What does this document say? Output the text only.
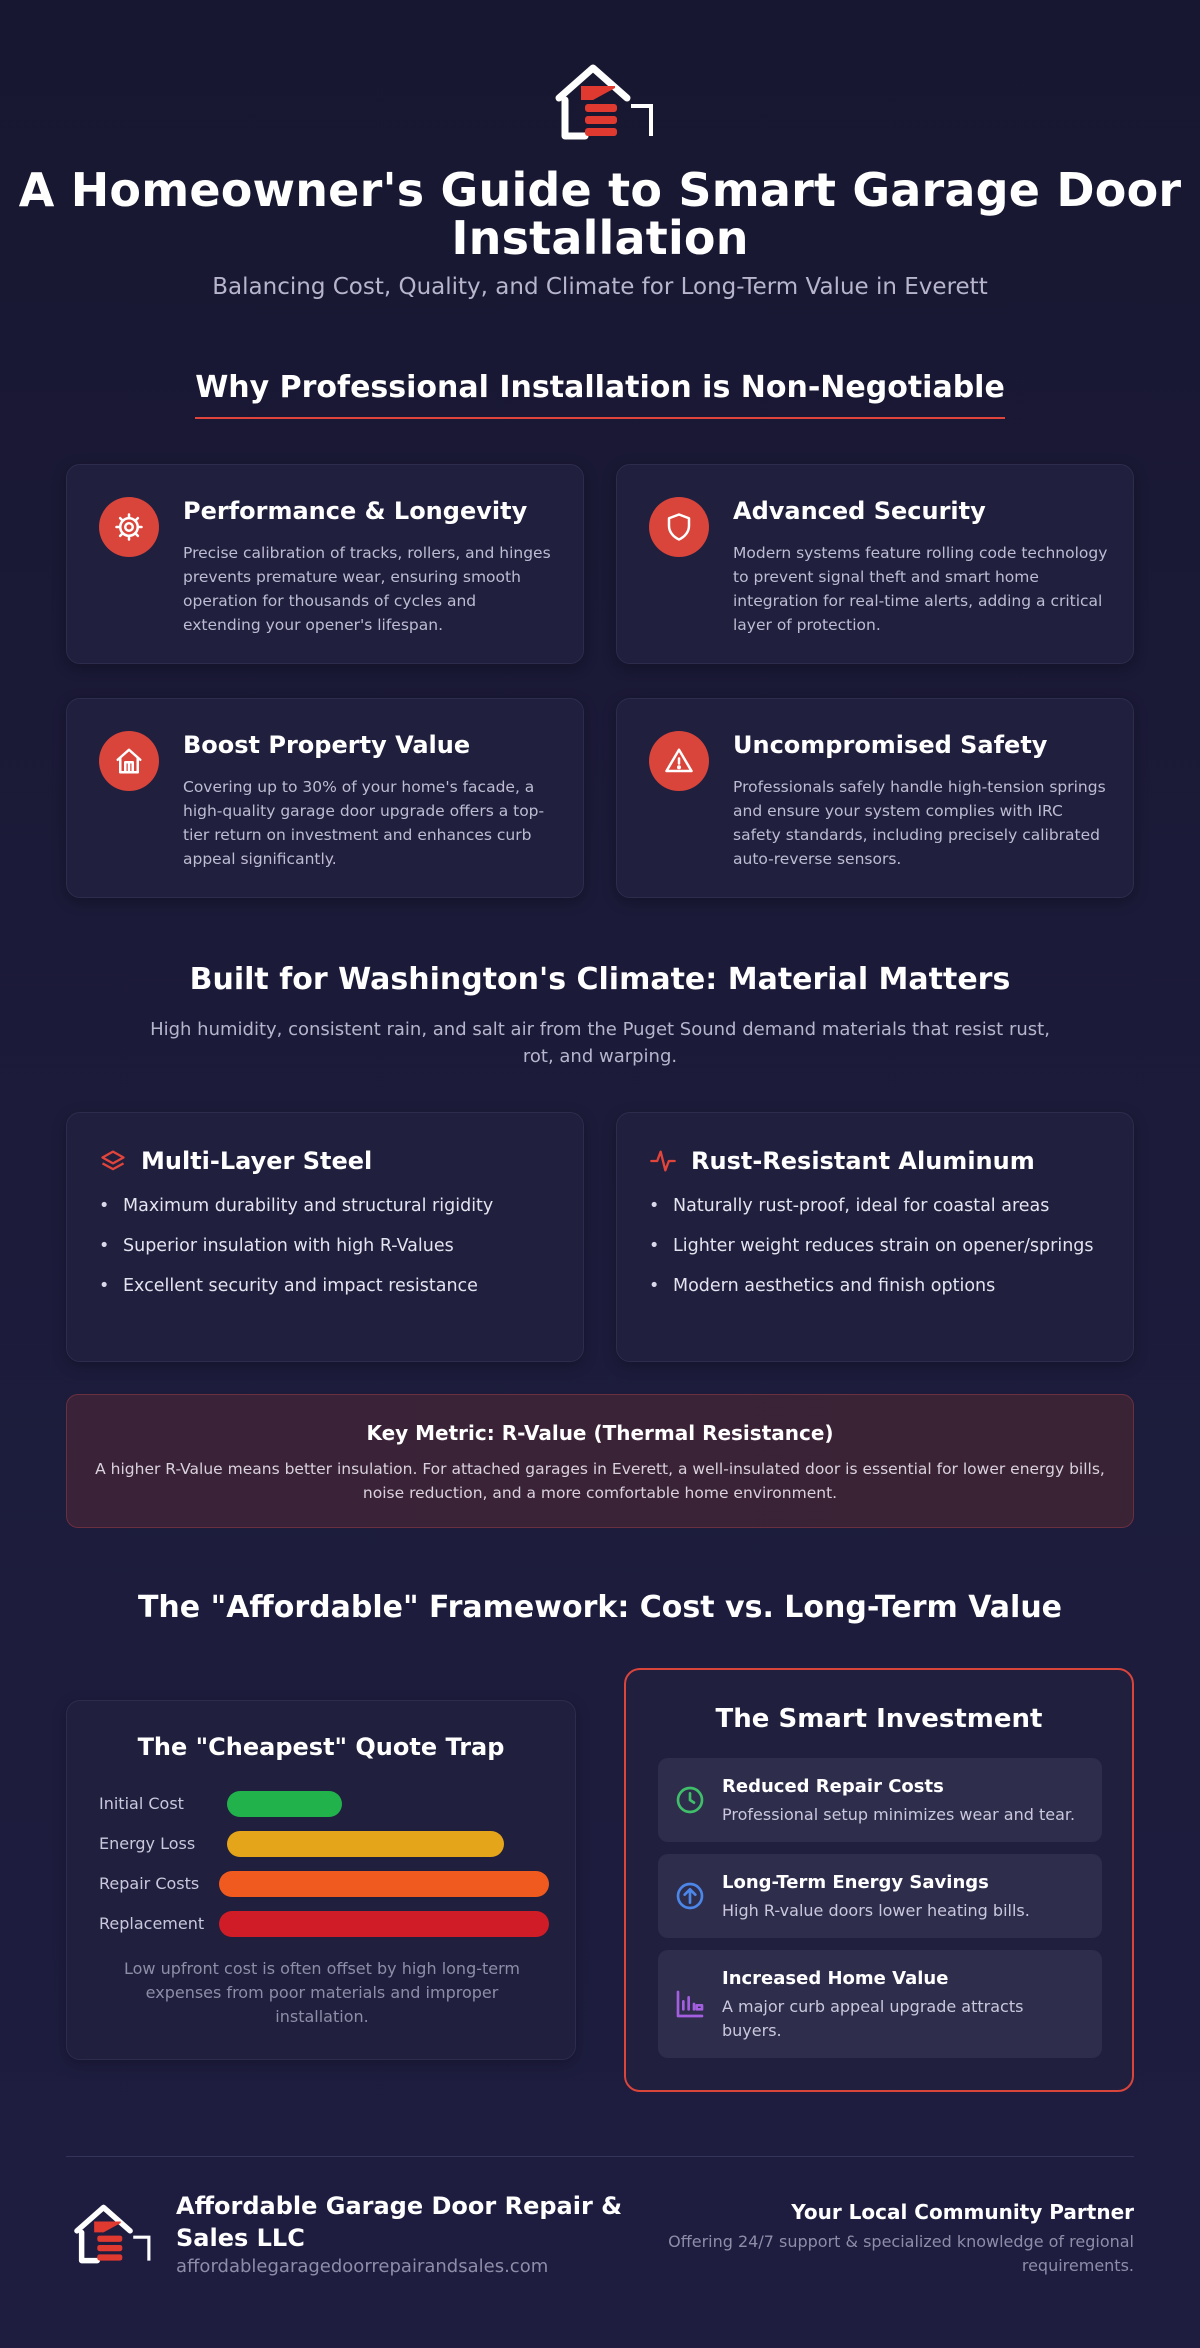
A Homeowner's Guide to Smart Garage Door Installation
Balancing Cost, Quality, and Climate for Long-Term Value in Everett
Why Professional Installation is Non-Negotiable
Performance & Longevity
Precise calibration of tracks, rollers, and hinges prevents premature wear, ensuring smooth operation for thousands of cycles and extending your opener's lifespan.
Advanced Security
Modern systems feature rolling code technology to prevent signal theft and smart home integration for real-time alerts, adding a critical layer of protection.
Boost Property Value
Covering up to 30% of your home's facade, a high-quality garage door upgrade offers a top-tier return on investment and enhances curb appeal significantly.
Uncompromised Safety
Professionals safely handle high-tension springs and ensure your system complies with IRC safety standards, including precisely calibrated auto-reverse sensors.
Built for Washington's Climate: Material Matters
High humidity, consistent rain, and salt air from the Puget Sound demand materials that resist rust, rot, and warping.
Multi-Layer Steel
• Maximum durability and structural rigidity
• Superior insulation with high R-Values
• Excellent security and impact resistance
Rust-Resistant Aluminum
• Naturally rust-proof, ideal for coastal areas
• Lighter weight reduces strain on opener/springs
• Modern aesthetics and finish options
Key Metric: R-Value (Thermal Resistance)
A higher R-Value means better insulation. For attached garages in Everett, a well-insulated door is essential for lower energy bills, noise reduction, and a more comfortable home environment.
The "Affordable" Framework: Cost vs. Long-Term Value
The "Cheapest" Quote Trap
Initial Cost
Energy Loss
Repair Costs
Replacement
Low upfront cost is often offset by high long-term expenses from poor materials and improper installation.
The Smart Investment
Reduced Repair Costs
Professional setup minimizes wear and tear.
Long-Term Energy Savings
High R-value doors lower heating bills.
Increased Home Value
A major curb appeal upgrade attracts buyers.
Affordable Garage Door Repair & Sales LLC
affordablegaragedoorrepairandsales.com
Your Local Community Partner
Offering 24/7 support & specialized knowledge of regional requirements.
